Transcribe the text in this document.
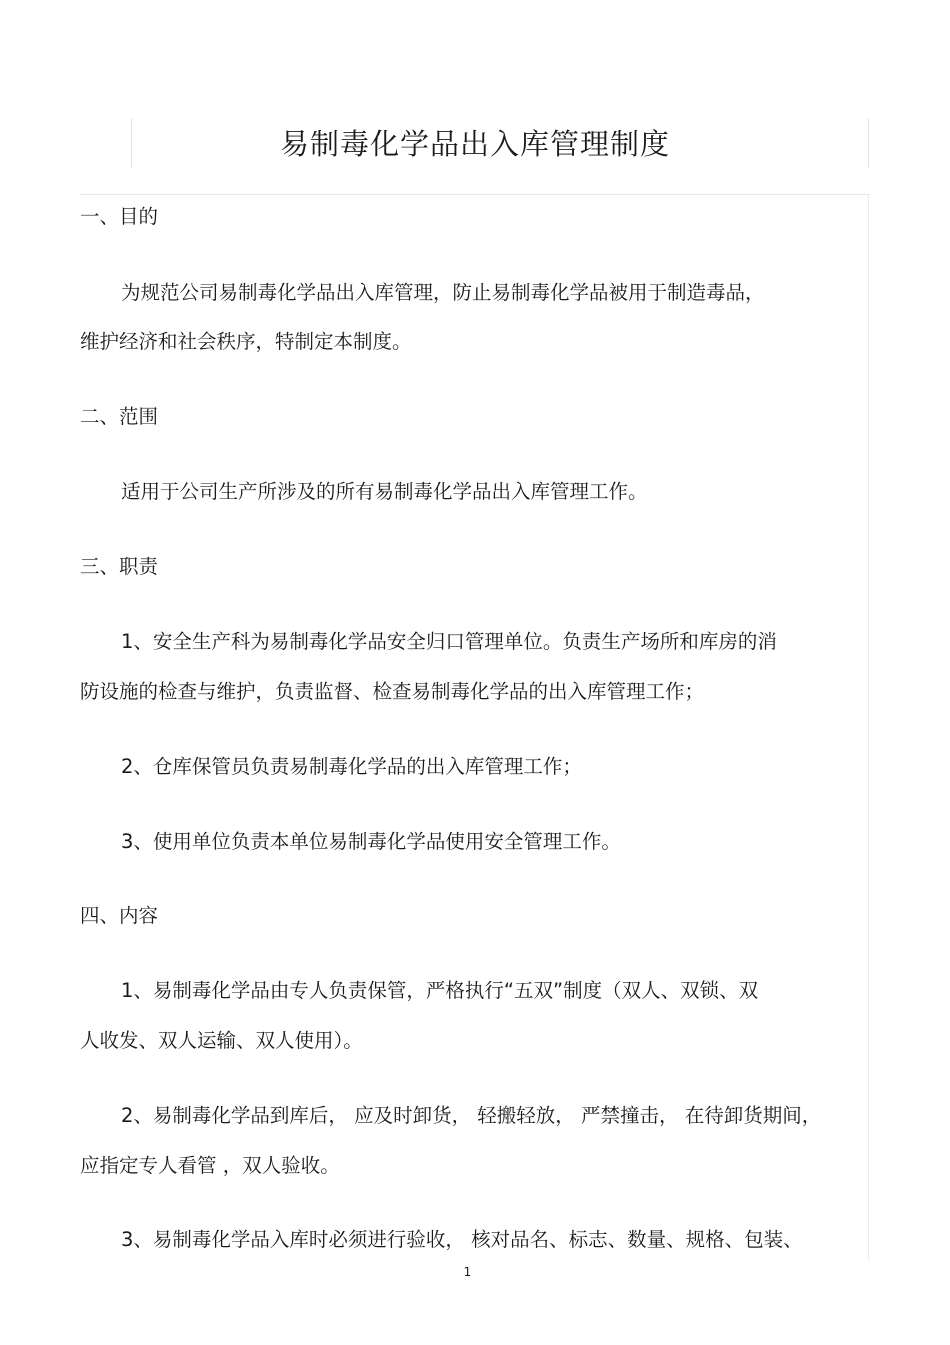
易制毒化学品出入库管理制度
一、目的
为规范公司易制毒化学品出入库管理，防止易制毒化学品被用于制造毒品，
维护经济和社会秩序，特制定本制度。
二、范围
适用于公司生产所涉及的所有易制毒化学品出入库管理工作。
三、职责
1、安全生产科为易制毒化学品安全归口管理单位。负责生产场所和库房的消
防设施的检查与维护，负责监督、检查易制毒化学品的出入库管理工作；
2、仓库保管员负责易制毒化学品的出入库管理工作；
3、使用单位负责本单位易制毒化学品使用安全管理工作。
四、内容
1、易制毒化学品由专人负责保管，严格执行“五双”制度（双人、双锁、双
人收发、双人运输、双人使用）。
2、易制毒化学品到库后， 应及时卸货， 轻搬轻放， 严禁撞击， 在待卸货期间，
应指定专人看管 ，双人验收。
3、易制毒化学品入库时必须进行验收， 核对品名、标志、数量、规格、包装、
1
